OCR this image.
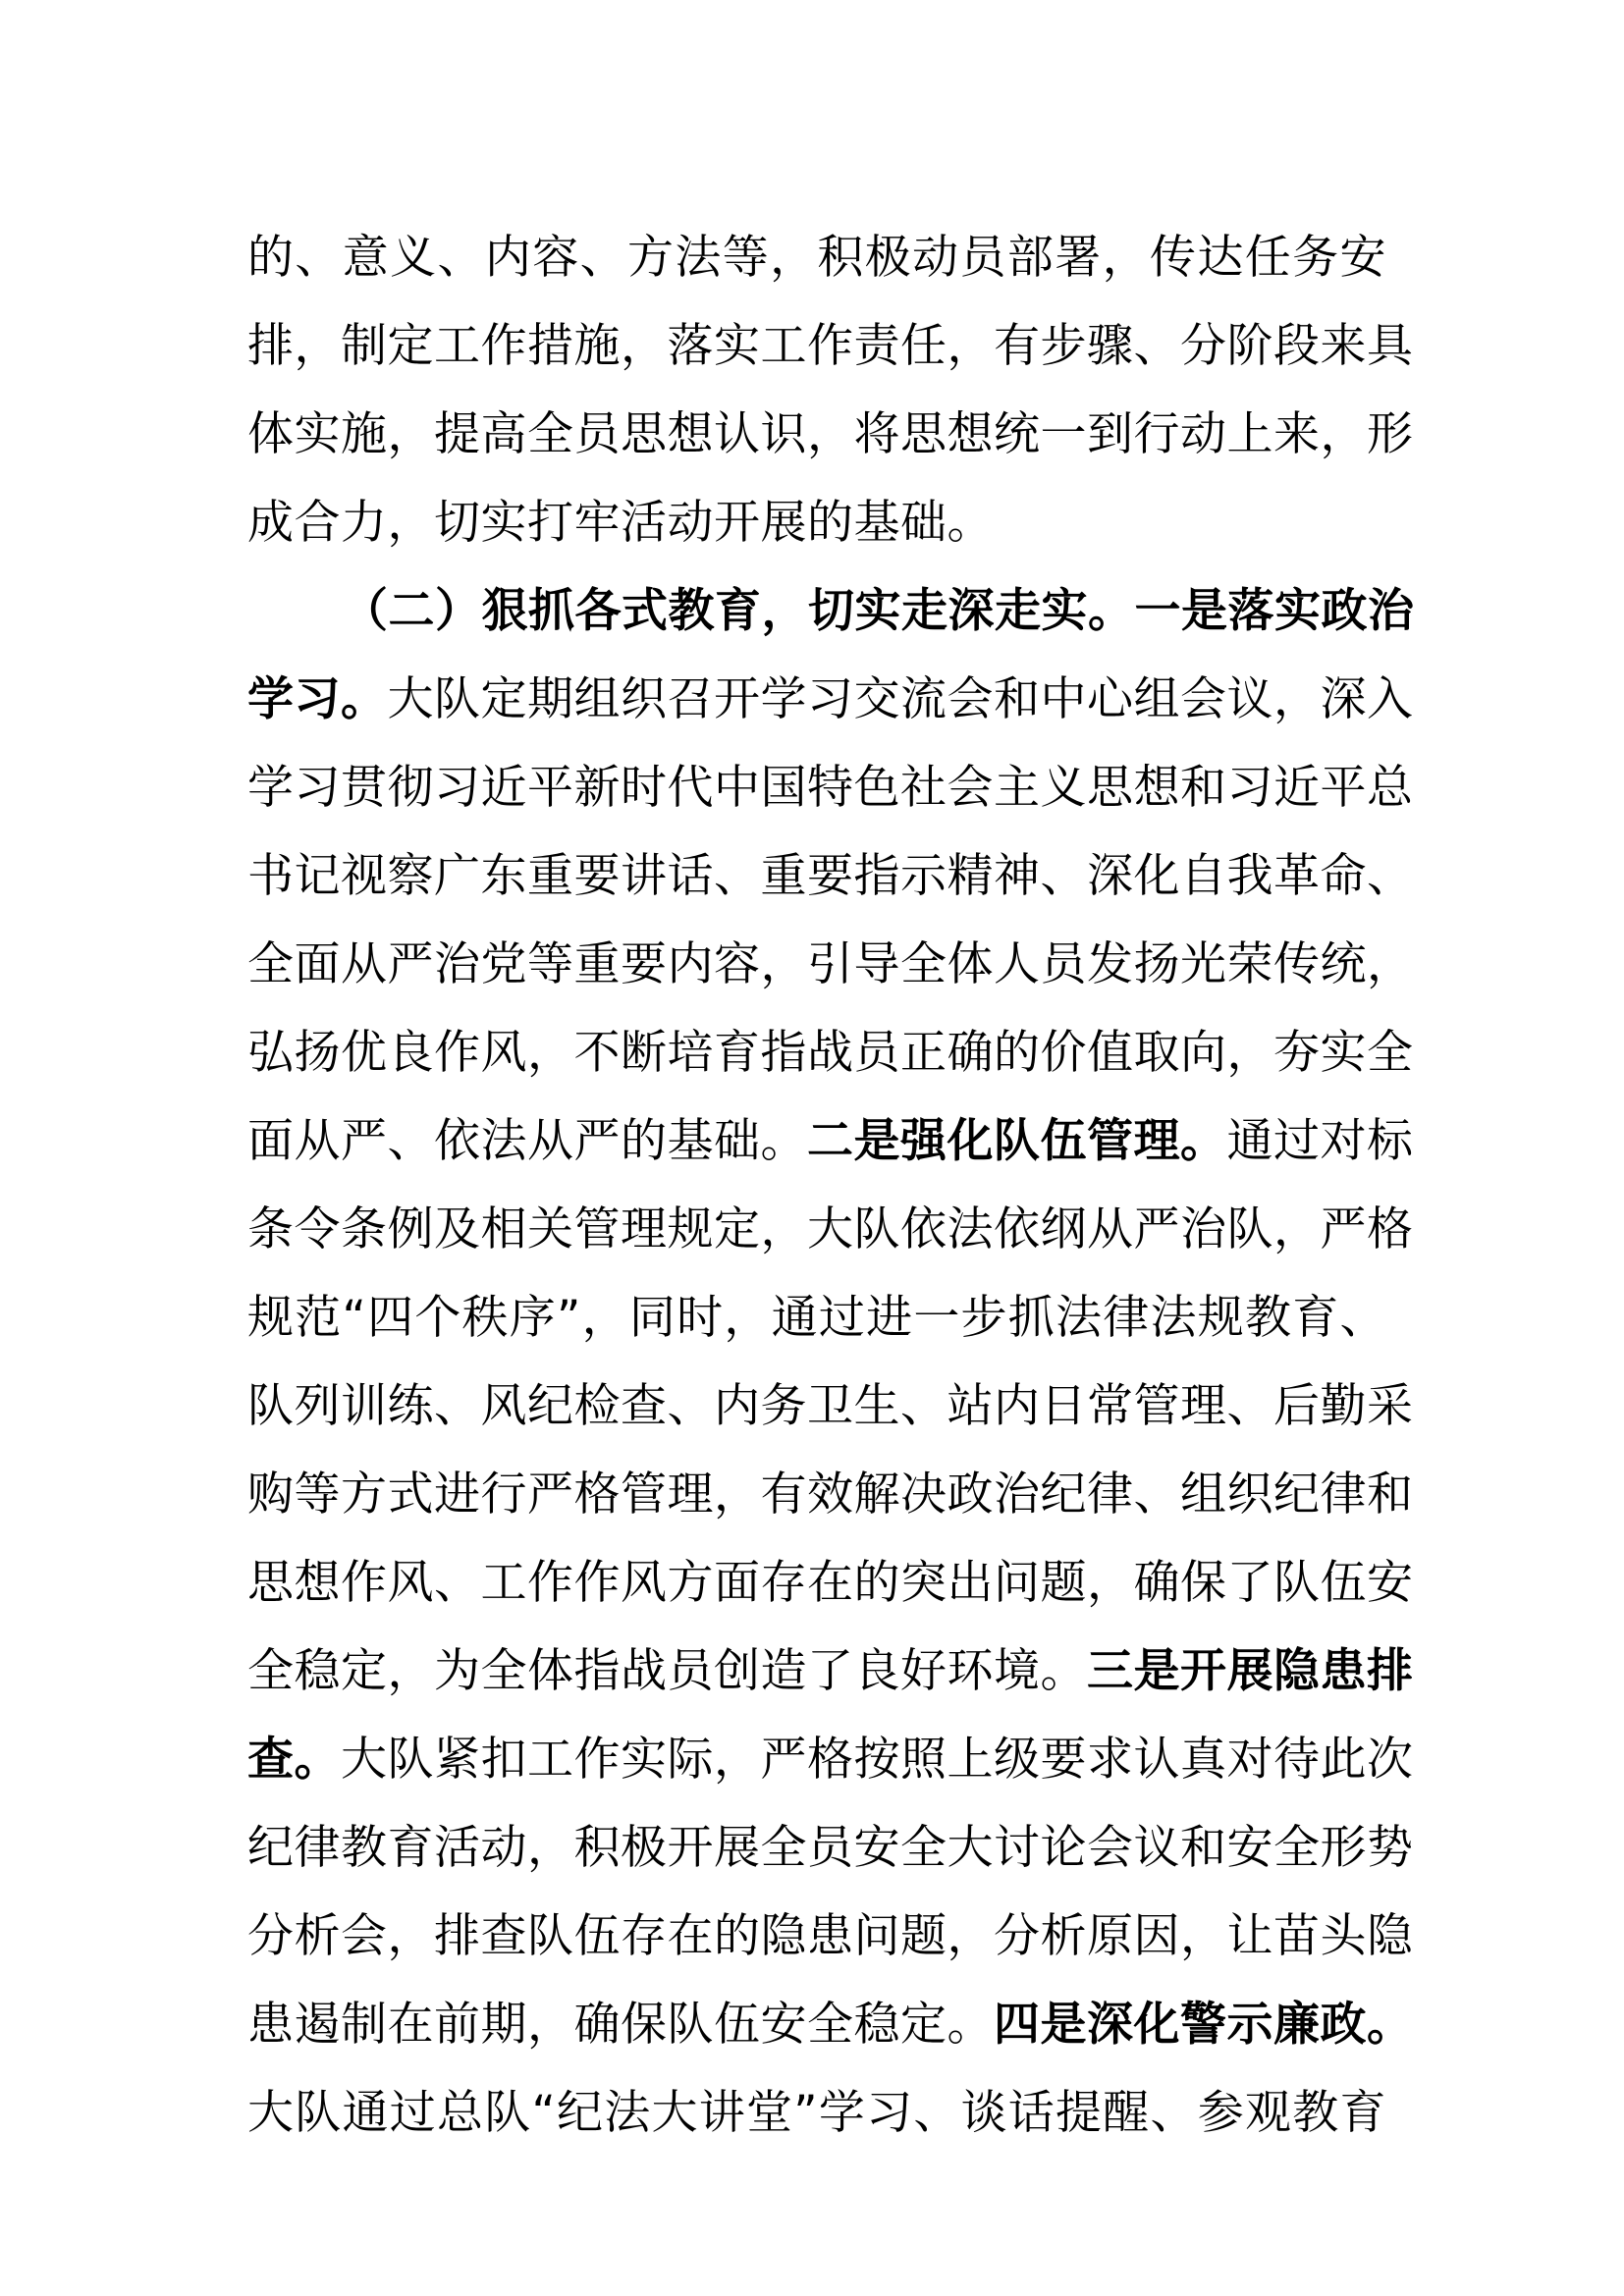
的、意义、内容、方法等，积极动员部署，传达任务安
排，制定工作措施，落实工作责任，有步骤、分阶段来具
体实施，提高全员思想认识，将思想统一到行动上来，形
成合力，切实打牢活动开展的基础。
（二）狠抓各式教育，切实走深走实。一是落实政治
学习。大队定期组织召开学习交流会和中心组会议，深入
学习贯彻习近平新时代中国特色社会主义思想和习近平总
书记视察广东重要讲话、重要指示精神、深化自我革命、
全面从严治党等重要内容，引导全体人员发扬光荣传统，
弘扬优良作风，不断培育指战员正确的价值取向，夯实全
面从严、依法从严的基础。二是强化队伍管理。通过对标
条令条例及相关管理规定，大队依法依纲从严治队，严格
规范“四个秩序”，同时，通过进一步抓法律法规教育、
队列训练、风纪检查、内务卫生、站内日常管理、后勤采
购等方式进行严格管理，有效解决政治纪律、组织纪律和
思想作风、工作作风方面存在的突出问题，确保了队伍安
全稳定，为全体指战员创造了良好环境。三是开展隐患排
查。大队紧扣工作实际，严格按照上级要求认真对待此次
纪律教育活动，积极开展全员安全大讨论会议和安全形势
分析会，排查队伍存在的隐患问题，分析原因，让苗头隐
患遏制在前期，确保队伍安全稳定。四是深化警示廉政。
大队通过总队“纪法大讲堂”学习、谈话提醒、参观教育
